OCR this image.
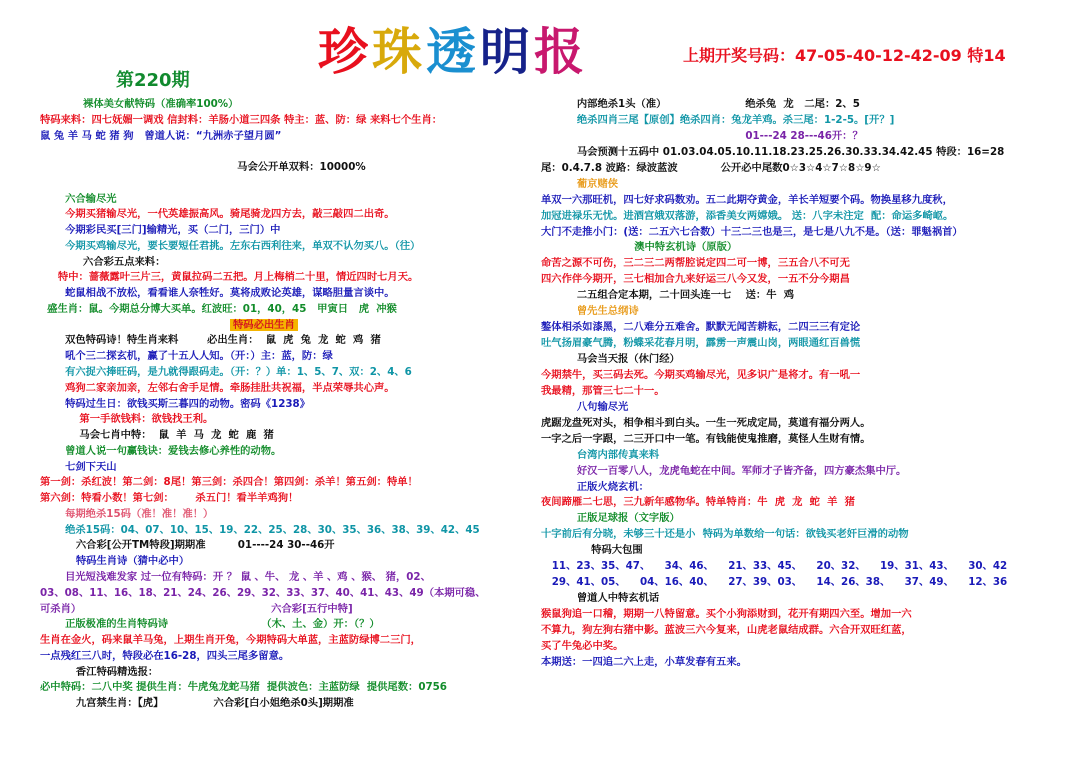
珍珠透明报
第220期
上期开奖号码：47-05-40-12-42-09 特14
裸体美女献特码（准确率100%）
特码来料：四七妩媚一调戏 信封料：羊肠小道三四条 特主：蓝、防：绿 来料七个生肖：
鼠 兔 羊 马 蛇 猪 狗   曾道人说：“九洲赤子望月圆”
马会公开单双料：10000%
六合输尽光
今期买猪输尽光，一代英雄振高风。骑尾骑龙四方去，敲三敲四二出奇。
今期彩民买[三门]输精光，买（二门，三门）中
今期买鸡输尽光，要长要短任君挑。左东右西利往来，单双不认勿买八。（往）
六合彩五点来料：
特中：蔷薇露叶三片三，黄鼠拉码二五把。月上梅梢二十里，情近四时七月天。
蛇鼠相战不放松，看看谁人奈牲好。莫将成败论英雄，谋略胆量言谈中。
盛生肖：鼠。今期总分博大买单。红波旺：01，40，45   甲寅日   虎  冲猴
特码必出生肖
双色特码诗！特生肖来料        必出生肖：  鼠  虎  兔  龙  蛇  鸡  猪
吼个三二探玄机，赢了十五人人知。（开：）主：蓝，防：绿
有六捉六捧旺码，是九就得跟码走。（开：？）单：1、5、7、双：2、4、6
鸡狗二家亲加亲，左邻右舍手足情。牵肠挂肚共祝福，半点荣辱共心声。
特码过生日：欲钱买斯三暮四的动物。密码《1238》
第一手欲钱料：欲钱找王利。
马会七肖中特：  鼠  羊  马  龙  蛇  鹿  猪
曾道人说一句赢钱诀：爱钱去修心养性的动物。
七剑下天山
第一剑：杀红波！第二剑：8尾！第三剑：杀四合！第四剑：杀羊！第五剑：特单！
第六剑：特看小数！第七剑：      杀五门！看半羊鸡狗！
每期绝杀15码（准！准！准！）
绝杀15码：04、07、10、15、19、22、25、28、30、35、36、38、39、42、45
六合彩[公开TM特段]期期准         01----24 30--46开
特码生肖诗（猜中必中）
目光短浅难发家 过一位有特码：开 ？ 鼠 、牛、 龙 、羊 、鸡 、猴、 猪，02、
03、08、11、16、18、21、24、26、29、32、33、37、40、41、43、49（本期可稳、
可杀肖）                                                     六合彩[五行中特]
正版极准的生肖特码诗                          （木、土、金）开：（？）
生肖在金火，码来鼠羊马兔，上期生肖开兔，今期特码大单蓝，主蓝防绿博二三门，
一点残红三八时，特段必在16-28，四头三尾多留意。
香江特码精选报：
必中特码：二八中奖 提供生肖：牛虎兔龙蛇马猪  提供波色：主蓝防绿  提供尾数：0756
九宫禁生肖：【虎】              六合彩[白小姐绝杀0头]期期准
内部绝杀1头（准）                      绝杀兔  龙   二尾：2、5
绝杀四肖三尾【原创】绝杀四肖：兔龙羊鸡。杀三尾：1-2-5。[开？]
01---24 28---46开：？
马会预测十五码中 01.03.04.05.10.11.18.23.25.26.30.33.34.42.45 特段：16=28
尾：0.4.7.8 波路：绿波蓝波            公开必中尾数0☆3☆4☆7☆8☆9☆
葡京赌侠
单双一六那旺机，四七好求码数劝。五二此期夺黄金，羊长羊短要个码。物换星移九度秋，
加冠进禄乐无忧。进酒宫娥双落游，添香美女两嫦娥。 送：八字未注定  配：命运多崎岖。
大门不走推小门：(送：二五六七合数）十三二三也是三，是七是八九不是。（送：罪魁祸首）
澳中特玄机诗（原版）
命苦之源不可伤，三二三二两帮腔说定四二可一博，三五合八不可无
四六作伴今期开，三七相加合九来好运三八今又发，一五不分今期昌
二五组合定本期，二十回头连一七    送：牛  鸡
曾先生总纲诗
鏊体相杀如漆黑，二八难分五难舍。默默无闻苦耕耘，二四三三有定论
吐气扬眉豪气腾，粉蝶采花春月明，霹雳一声震山岗，两眼通红百兽慌
马会当天报（休门经）
今期禁牛，买三码去死。今期买鸡输尽光，见多识广是将才。有一吼一
我最精，那管三七二十一。
八句输尽光
虎踞龙盘死对头，相争相斗到白头。一生一死成定局，莫道有福分两人。
一字之后一字跟，二三开口中一笔。有钱能使鬼推磨，莫怪人生财有情。
台湾内部传真来料
好汉一百零八人，龙虎龟蛇在中间。军师才子皆齐备，四方豪杰集中厅。
正版火烧玄机：
夜间蹄雁二七思，三九新年感物华。特单特肖：牛  虎  龙  蛇  羊  猪
正版足球报（文字版）
十字前后有分晓，未够三十还是小  特码为单数给一句话：欲钱买老奸巨滑的动物
特码大包围
11、23、35、47、    34、46、    21、33、45、    20、32、    19、31、43、    30、42
29、41、05、    04、16、40、    27、39、03、    14、26、38、    37、49、    12、36
曾道人中特玄机话
猴鼠狗追一口稽，期期一八特留意。买个小狗添财到，花开有期四六至。增加一六
不算九，狗左狗右猪中影。蓝波三六今复来，山虎老鼠结成群。六合开双旺红蓝，
买了牛兔必中奖。
本期送：一四追二六上走，小草发春有五来。
